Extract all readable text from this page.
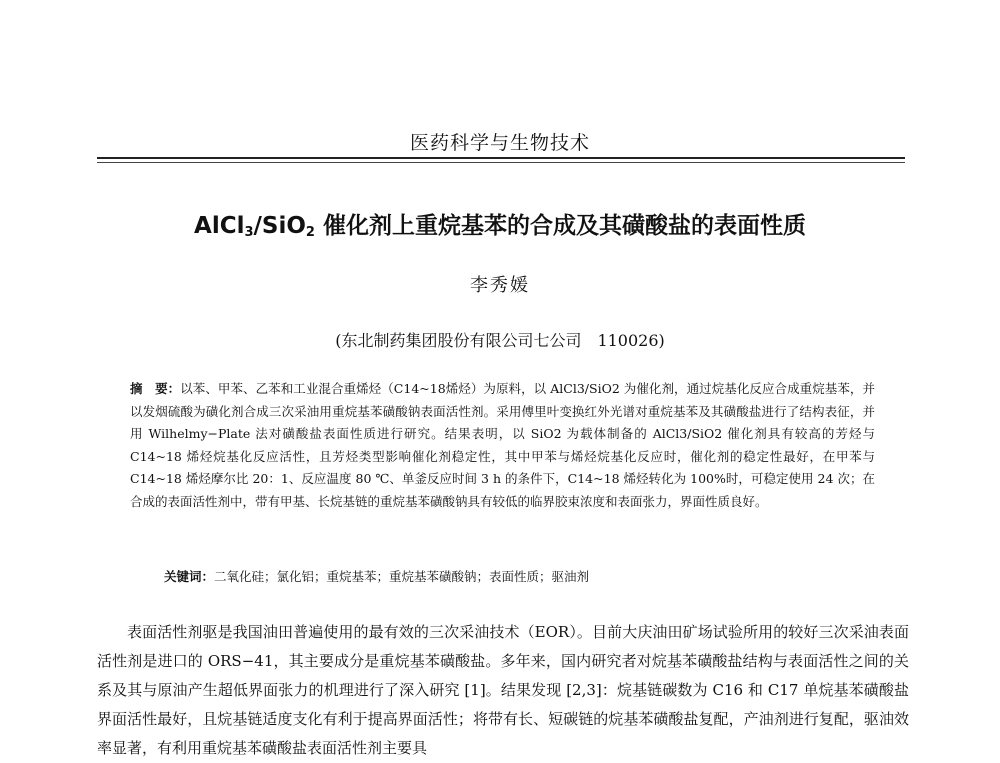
医药科学与生物技术
AlCl$_3$/SiO$_2$ 催化剂上重烷基苯的合成及其磺酸盐的表面性质
李秀媛
(东北制药集团股份有限公司七公司　110026)
摘　要：以苯、甲苯、乙苯和工业混合重烯烃（C14~18烯烃）为原料，以 AlCl3/SiO2 为催化剂，通过烷基化反应合成重烷基苯，并以发烟硫酸为磺化剂合成三次采油用重烷基苯磺酸钠表面活性剂。采用傅里叶变换红外光谱对重烷基苯及其磺酸盐进行了结构表征，并用 Wilhelmy−Plate 法对磺酸盐表面性质进行研究。结果表明，以 SiO2 为载体制备的 AlCl3/SiO2 催化剂具有较高的芳烃与 C14~18 烯烃烷基化反应活性，且芳烃类型影响催化剂稳定性，其中甲苯与烯烃烷基化反应时，催化剂的稳定性最好，在甲苯与 C14~18 烯烃摩尔比 20：1、反应温度 80 ℃、单釜反应时间 3 h 的条件下，C14~18 烯烃转化为 100%时，可稳定使用 24 次；在合成的表面活性剂中，带有甲基、长烷基链的重烷基苯磺酸钠具有较低的临界胶束浓度和表面张力，界面性质良好。
关键词：二氧化硅；氯化铝；重烷基苯；重烷基苯磺酸钠；表面性质；驱油剂

表面活性剂驱是我国油田普遍使用的最有效的三次采油技术（EOR）。目前大庆油田矿场试验所用的较好三次采油表面活性剂是进口的 ORS−41，其主要成分是重烷基苯磺酸盐。多年来，国内研究者对烷基苯磺酸盐结构与表面活性之间的关系及其与原油产生超低界面张力的机理进行了深入研究 [1]。结果发现 [2,3]：烷基链碳数为 C16 和 C17 单烷基苯磺酸盐界面活性最好，且烷基链适度支化有利于提高界面活性；将带有长、短碳链的烷基苯磺酸盐复配，产油剂进行复配，驱油效率显著，有利用重烷基苯磺酸盐表面活性剂主要具
